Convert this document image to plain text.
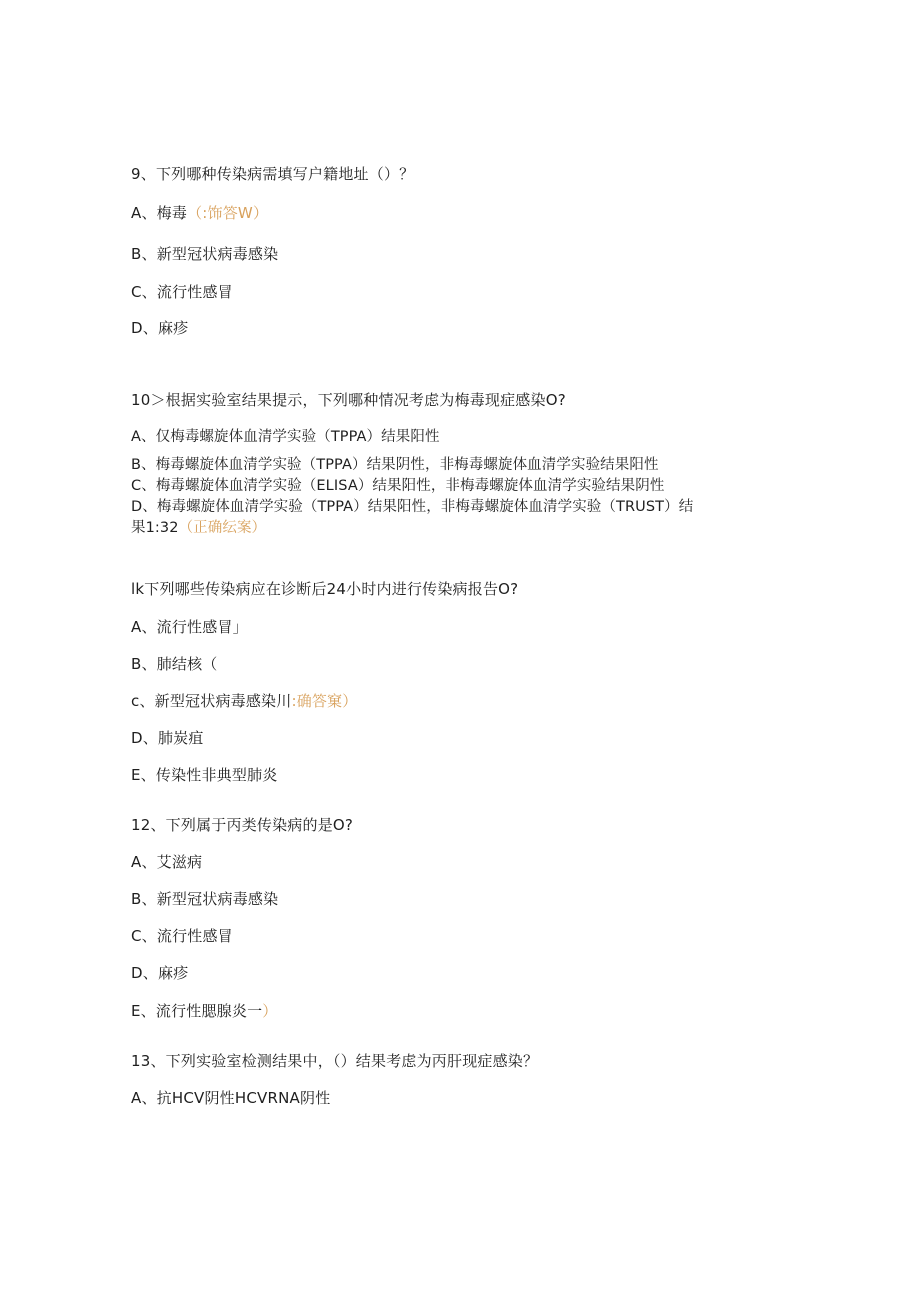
9、下列哪种传染病需填写户籍地址（）？
A、梅毒（:饰答W）
B、新型冠状病毒感染
C、流行性感冒
D、麻疹
10＞根据实验室结果提示，下列哪种情况考虑为梅毒现症感染O?
A、仅梅毒螺旋体血清学实验（TPPA）结果阳性
B、梅毒螺旋体血清学实验（TPPA）结果阴性，非梅毒螺旋体血清学实验结果阳性
C、梅毒螺旋体血清学实验（ELISA）结果阳性，非梅毒螺旋体血清学实验结果阴性
D、梅毒螺旋体血清学实验（TPPA）结果阳性，非梅毒螺旋体血清学实验（TRUST）结
果1:32（正确纭案）
lk下列哪些传染病应在诊断后24小时内进行传染病报告O?
A、流行性感冒」
B、肺结核（
c、新型冠状病毒感染川:确答窠）
D、肺炭疽
E、传染性非典型肺炎
12、下列属于丙类传染病的是O?
A、艾滋病
B、新型冠状病毒感染
C、流行性感冒
D、麻疹
E、流行性腮腺炎一）
13、下列实验室检测结果中，（）结果考虑为丙肝现症感染？
A、抗HCV阴性HCVRNA阴性
